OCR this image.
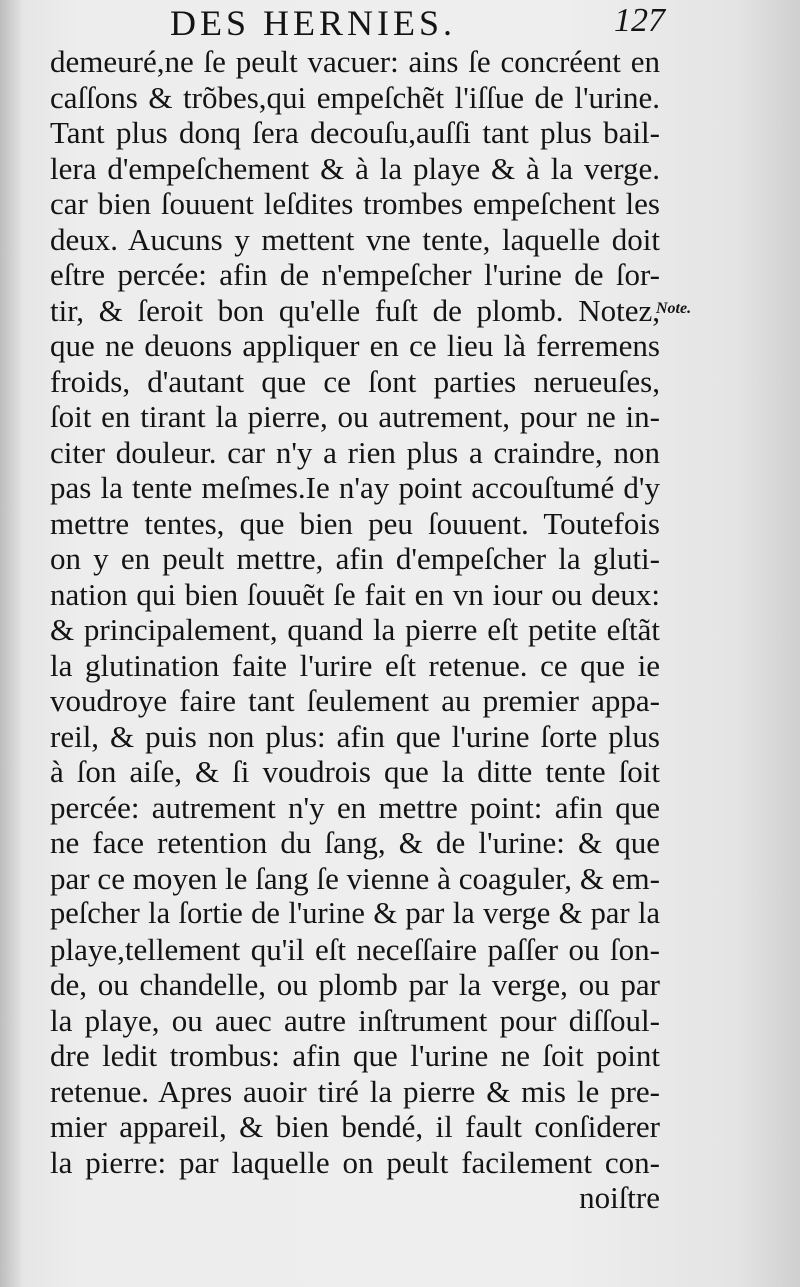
DES HERNIES.	127
demeuré,ne ſe peult vacuer: ains ſe concréent en
caſſons & trõbes,qui empeſchẽt l'iſſue de l'urine.
Tant plus donq ſera decouſu,auſſi tant plus bail-
lera d'empeſchement & à la playe & à la verge.
car bien ſouuent leſdites trombes empeſchent les
deux. Aucuns y mettent vne tente, laquelle doit
eſtre percée: afin de n'empeſcher l'urine de ſor-
tir, & ſeroit bon qu'elle fuſt de plomb. Notez,
que ne deuons appliquer en ce lieu là ferremens
froids, d'autant que ce ſont parties nerueuſes,
ſoit en tirant la pierre, ou autrement, pour ne in-
citer douleur. car n'y a rien plus a craindre, non
pas la tente meſmes.Ie n'ay point accouſtumé d'y
mettre tentes, que bien peu ſouuent. Toutefois
on y en peult mettre, afin d'empeſcher la gluti-
nation qui bien ſouuẽt ſe fait en vn iour ou deux:
& principalement, quand la pierre eſt petite eſtãt
la glutination faite l'urire eſt retenue. ce que ie
voudroye faire tant ſeulement au premier appa-
reil, & puis non plus: afin que l'urine ſorte plus
à ſon aiſe, & ſi voudrois que la ditte tente ſoit
percée: autrement n'y en mettre point: afin que
ne face retention du ſang, & de l'urine: & que
par ce moyen le ſang ſe vienne à coaguler, & em-
peſcher la ſortie de l'urine & par la verge & par la
playe,tellement qu'il eſt neceſſaire paſſer ou ſon-
de, ou chandelle, ou plomb par la verge, ou par
la playe, ou auec autre inſtrument pour diſſoul-
dre ledit trombus: afin que l'urine ne ſoit point
retenue. Apres auoir tiré la pierre & mis le pre-
mier appareil, & bien bendé, il fault conſiderer
la pierre: par laquelle on peult facilement con-
noiſtre
Note.
